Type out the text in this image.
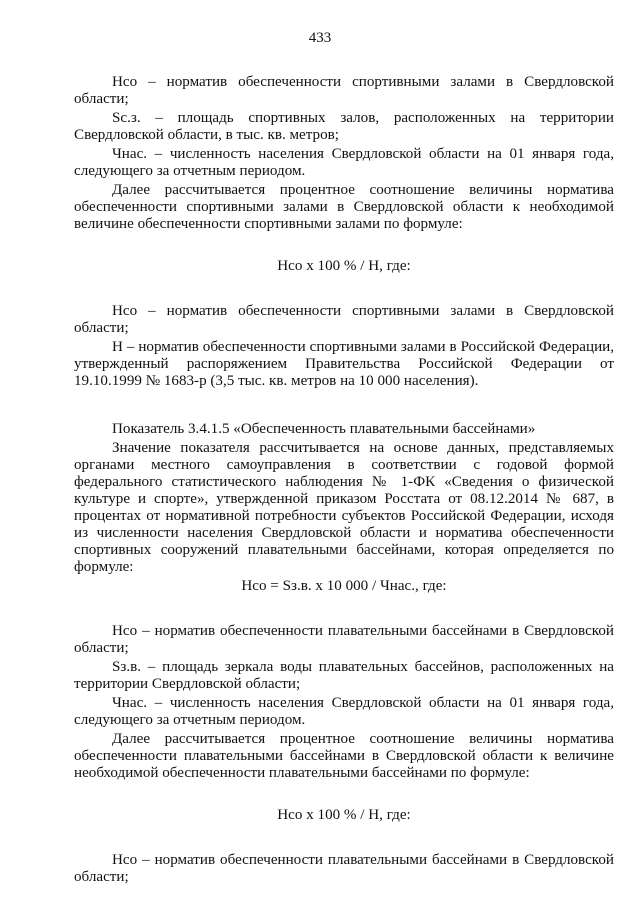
433

Нсо – норматив обеспеченности спортивными залами в Свердловской области;

Sc.з. – площадь спортивных залов, расположенных на территории Свердловской области, в тыс. кв. метров;

Чнас. – численность населения Свердловской области на 01 января года, следующего за отчетным периодом.

Далее рассчитывается процентное соотношение величины норматива обеспеченности спортивными залами в Свердловской области к необходимой величине обеспеченности спортивными залами по формуле:

Нсо х 100 % / Н, где:

Нсо – норматив обеспеченности спортивными залами в Свердловской области;

Н – норматив обеспеченности спортивными залами в Российской Федерации, утвержденный распоряжением Правительства Российской Федерации от 19.10.1999 № 1683-р (3,5 тыс. кв. метров на 10 000 населения).

Показатель 3.4.1.5 «Обеспеченность плавательными бассейнами»

Значение показателя рассчитывается на основе данных, представляемых органами местного самоуправления в соответствии с годовой формой федерального статистического наблюдения № 1-ФК «Сведения о физической культуре и спорте», утвержденной приказом Росстата от 08.12.2014 № 687, в процентах от нормативной потребности субъектов Российской Федерации, исходя из численности населения Свердловской области и норматива обеспеченности спортивных сооружений плавательными бассейнами, которая определяется по формуле:

Нсо = Sз.в. х 10 000 / Чнас., где:

Нсо – норматив обеспеченности плавательными бассейнами в Свердловской области;

Sз.в. – площадь зеркала воды плавательных бассейнов, расположенных на территории Свердловской области;

Чнас. – численность населения Свердловской области на 01 января года, следующего за отчетным периодом.

Далее рассчитывается процентное соотношение величины норматива обеспеченности плавательными бассейнами в Свердловской области к величине необходимой обеспеченности плавательными бассейнами по формуле:

Нсо х 100 % / Н, где:

Нсо – норматив обеспеченности плавательными бассейнами в Свердловской области;
